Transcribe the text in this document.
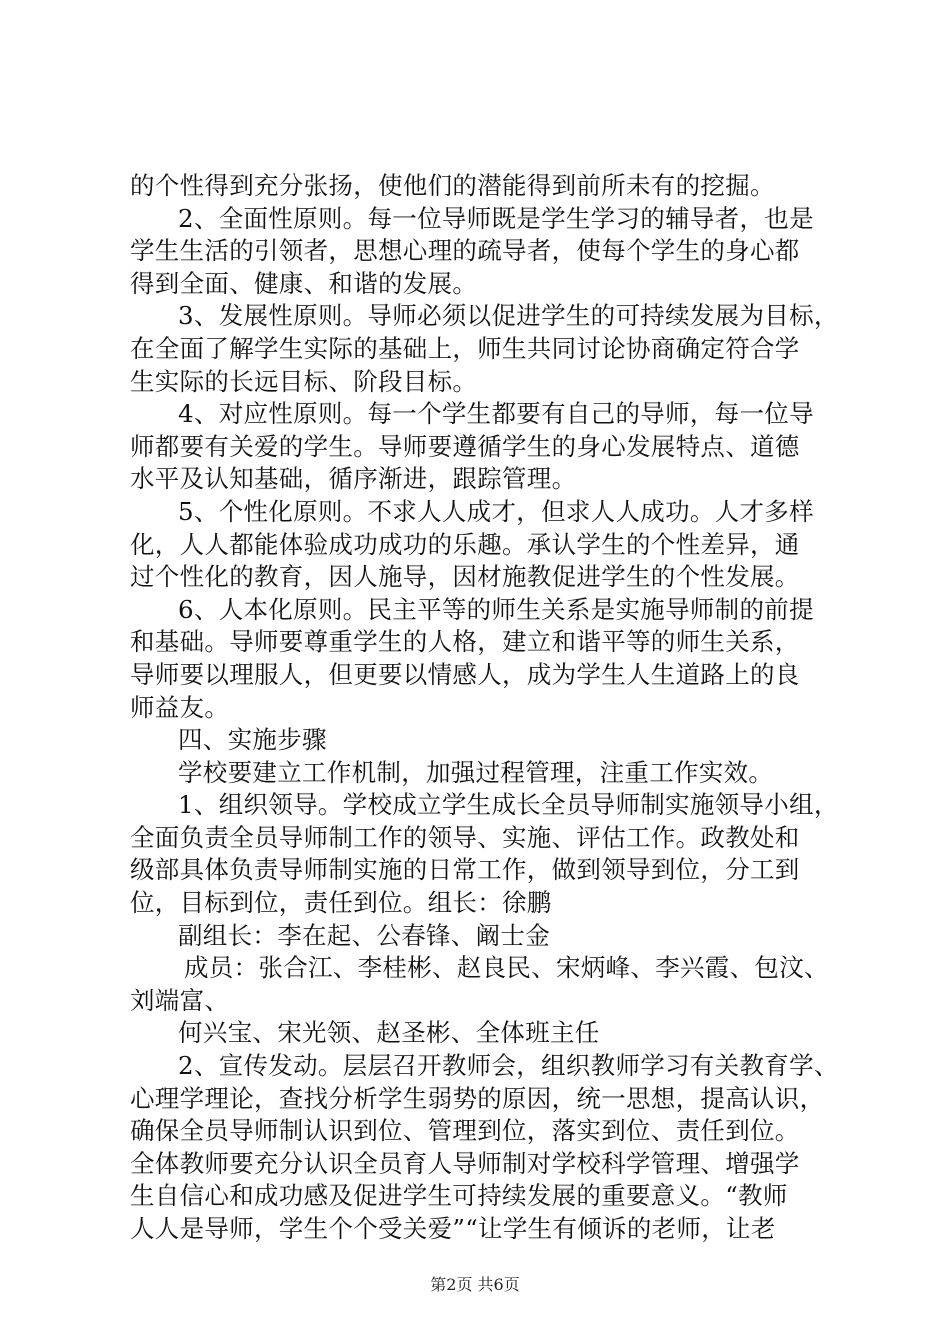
的个性得到充分张扬，使他们的潜能得到前所未有的挖掘。
2、全面性原则。每一位导师既是学生学习的辅导者，也是
学生生活的引领者，思想心理的疏导者，使每个学生的身心都
得到全面、健康、和谐的发展。
3、发展性原则。导师必须以促进学生的可持续发展为目标，
在全面了解学生实际的基础上，师生共同讨论协商确定符合学
生实际的长远目标、阶段目标。
4、对应性原则。每一个学生都要有自己的导师，每一位导
师都要有关爱的学生。导师要遵循学生的身心发展特点、道德
水平及认知基础，循序渐进，跟踪管理。
5、个性化原则。不求人人成才，但求人人成功。人才多样
化，人人都能体验成功成功的乐趣。承认学生的个性差异，通
过个性化的教育，因人施导，因材施教促进学生的个性发展。
6、人本化原则。民主平等的师生关系是实施导师制的前提
和基础。导师要尊重学生的人格，建立和谐平等的师生关系，
导师要以理服人，但更要以情感人，成为学生人生道路上的良
师益友。
四、实施步骤
学校要建立工作机制，加强过程管理，注重工作实效。
1、组织领导。学校成立学生成长全员导师制实施领导小组，
全面负责全员导师制工作的领导、实施、评估工作。政教处和
级部具体负责导师制实施的日常工作，做到领导到位，分工到
位，目标到位，责任到位。组长：徐鹏
副组长：李在起、公春锋、阚士金
成员：张合江、李桂彬、赵良民、宋炳峰、李兴霞、包汶、
刘端富、
何兴宝、宋光领、赵圣彬、全体班主任
2、宣传发动。层层召开教师会，组织教师学习有关教育学、
心理学理论，查找分析学生弱势的原因，统一思想，提高认识，
确保全员导师制认识到位、管理到位，落实到位、责任到位。
全体教师要充分认识全员育人导师制对学校科学管理、增强学
生自信心和成功感及促进学生可持续发展的重要意义。“教师
人人是导师，学生个个受关爱”“让学生有倾诉的老师，让老
第2页 共6页
